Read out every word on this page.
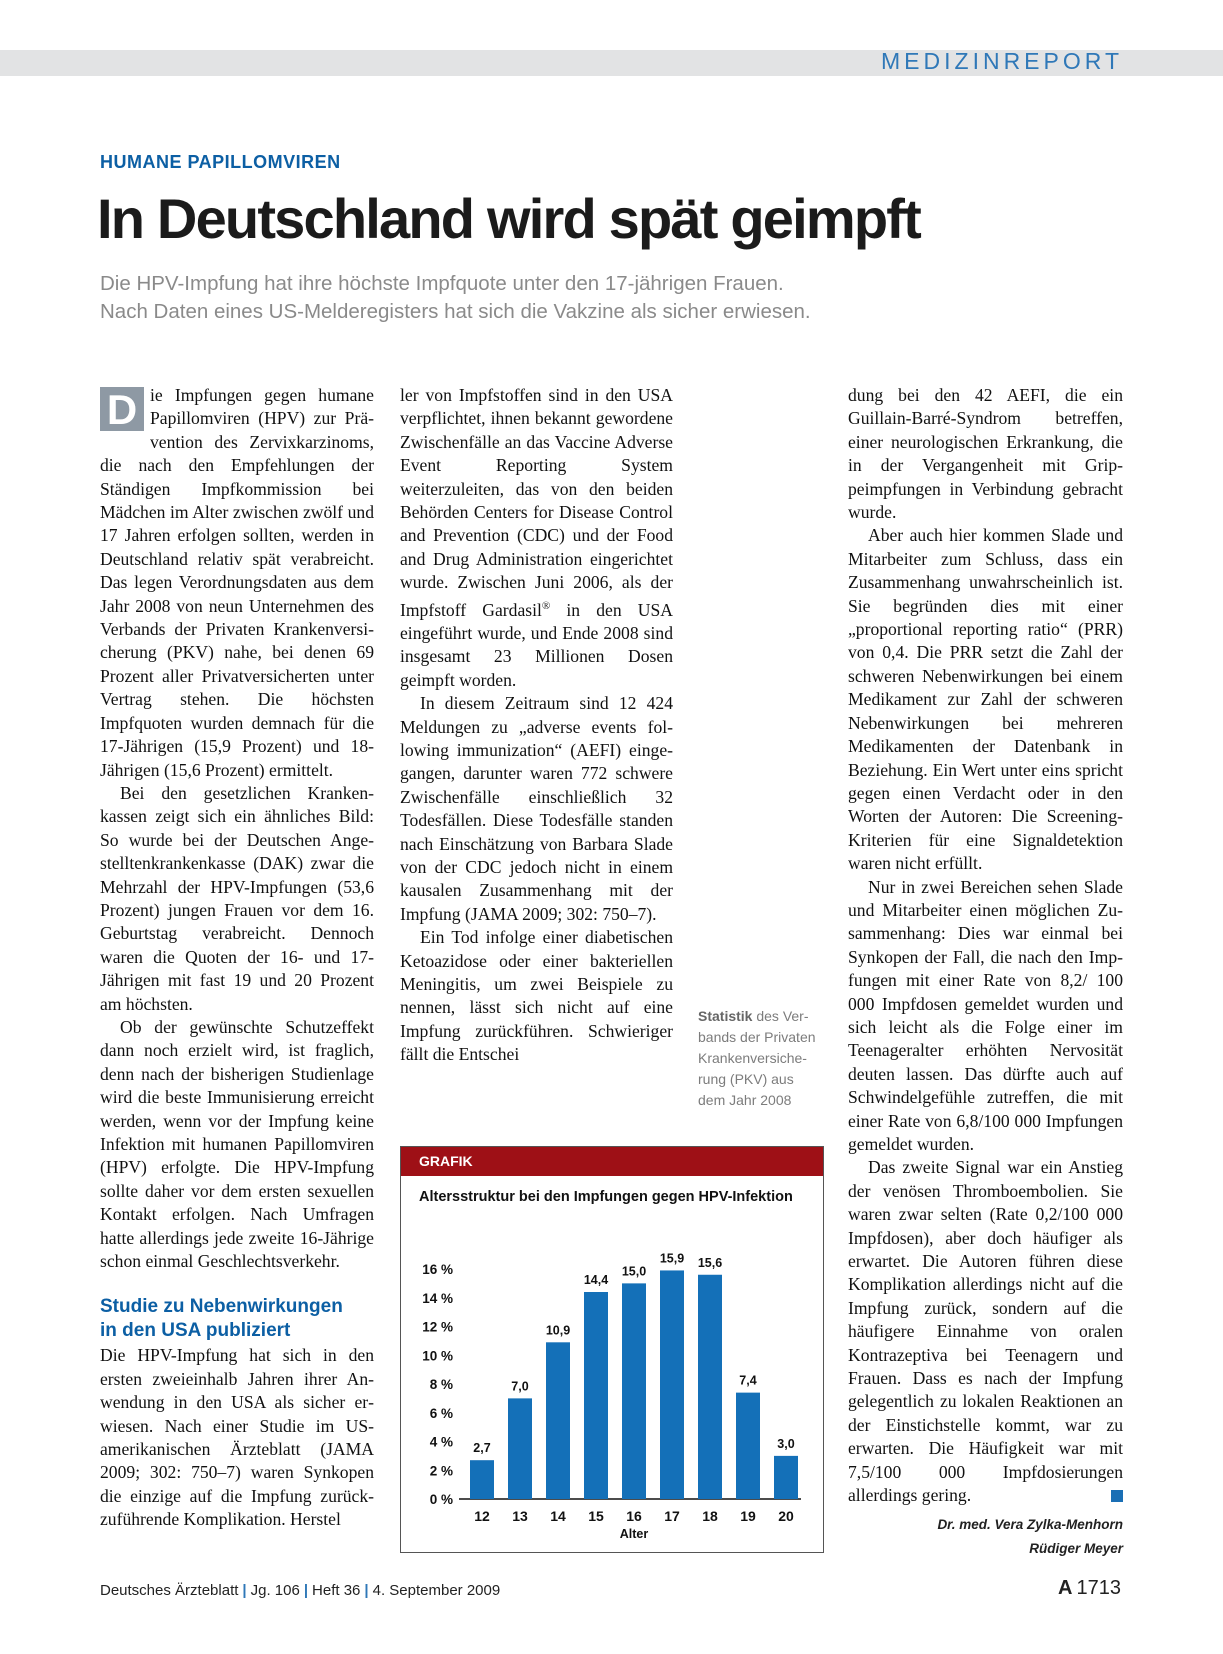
MEDIZINREPORT
HUMANE PAPILLOMVIREN
In Deutschland wird spät geimpft
Die HPV-Impfung hat ihre höchste Impfquote unter den 17-jährigen Frauen.
Nach Daten eines US-Melderegisters hat sich die Vakzine als sicher erwiesen.

D ie Impfungen gegen humane Papillomviren (HPV) zur Prävention des Zervixkarzinoms, die nach den Empfehlungen der Ständigen Impfkommission bei Mädchen im Alter zwischen zwölf und 17 Jahren erfolgen sollten, werden in Deutschland relativ spät verabreicht. Das legen Verordnungsdaten aus dem Jahr 2008 von neun Unternehmen des Verbands der Privaten Krankenversicherung (PKV) nahe, bei denen 69 Prozent aller Privatversicherten unter Vertrag stehen. Die höchsten Impfquoten wurden demnach für die 17-Jährigen (15,9 Prozent) und 18-Jährigen (15,6 Prozent) ermittelt.

Bei den gesetzlichen Krankenkassen zeigt sich ein ähnliches Bild: So wurde bei der Deutschen Angestelltenkrankenkasse (DAK) zwar die Mehrzahl der HPV-Impfungen (53,6 Prozent) jungen Frauen vor dem 16. Geburtstag verabreicht. Dennoch waren die Quoten der 16- und 17-Jährigen mit fast 19 und 20 Prozent am höchsten.

Ob der gewünschte Schutzeffekt dann noch erzielt wird, ist fraglich, denn nach der bisherigen Studienlage wird die beste Immunisierung erreicht werden, wenn vor der Impfung keine Infektion mit humanen Papillomviren (HPV) erfolgte. Die HPV-Impfung sollte daher vor dem ersten sexuellen Kontakt erfolgen. Nach Umfragen hatte allerdings jede zweite 16-Jährige schon einmal Geschlechtsverkehr.

Studie zu Nebenwirkungen
in den USA publiziert

Die HPV-Impfung hat sich in den ersten zweieinhalb Jahren ihrer Anwendung in den USA als sicher erwiesen. Nach einer Studie im US-amerikanischen Ärzteblatt (JAMA 2009; 302: 750–7) waren Synkopen die einzige auf die Impfung zurückzuführende Komplikation. Herstel

ler von Impfstoffen sind in den USA verpflichtet, ihnen bekannt gewordene Zwischenfälle an das Vaccine Adverse Event Reporting System weiterzuleiten, das von den beiden Behörden Centers for Disease Control and Prevention (CDC) und der Food and Drug Administration eingerichtet wurde. Zwischen Juni 2006, als der Impfstoff Gardasil® in den USA eingeführt wurde, und Ende 2008 sind insgesamt 23 Millionen Dosen geimpft worden.

In diesem Zeitraum sind 12 424 Meldungen zu „adverse events following immunization“ (AEFI) eingegangen, darunter waren 772 schwere Zwischenfälle einschließlich 32 Todesfällen. Diese Todesfälle standen nach Einschätzung von Barbara Slade von der CDC jedoch nicht in einem kausalen Zusammenhang mit der Impfung (JAMA 2009; 302: 750–7).

Ein Tod infolge einer diabetischen Ketoazidose oder einer bakteriellen Meningitis, um zwei Beispiele zu nennen, lässt sich nicht auf eine Impfung zurückführen. Schwieriger fällt die Entschei

Statistik des Verbands der Privaten Krankenversicherung (PKV) aus dem Jahr 2008
GRAFIK
Altersstruktur bei den Impfungen gegen HPV-Infektion
0 %
2 %
4 %
6 %
8 %
10 %
12 %
14 %
16 %
2,7
12
7,0
13
10,9
14
14,4
15
15,0
16
15,9
17
15,6
18
7,4
19
3,0
20
Alter

dung bei den 42 AEFI, die ein Guillain-Barré-Syndrom betreffen, einer neurologischen Erkrankung, die in der Vergangenheit mit Grippeimpfungen in Verbindung gebracht wurde.

Aber auch hier kommen Slade und Mitarbeiter zum Schluss, dass ein Zusammenhang unwahrscheinlich ist. Sie begründen dies mit einer „proportional reporting ratio“ (PRR) von 0,4. Die PRR setzt die Zahl der schweren Nebenwirkungen bei einem Medikament zur Zahl der schweren Nebenwirkungen bei mehreren Medikamenten der Datenbank in Beziehung. Ein Wert unter eins spricht gegen einen Verdacht oder in den Worten der Autoren: Die Screening-Kriterien für eine Signaldetektion waren nicht erfüllt.

Nur in zwei Bereichen sehen Slade und Mitarbeiter einen möglichen Zusammenhang: Dies war einmal bei Synkopen der Fall, die nach den Impfungen mit einer Rate von 8,2/ 100 000 Impfdosen gemeldet wurden und sich leicht als die Folge einer im Teenageralter erhöhten Nervosität deuten lassen. Das dürfte auch auf Schwindelgefühle zutreffen, die mit einer Rate von 6,8/100 000 Impfungen gemeldet wurden.

Das zweite Signal war ein Anstieg der venösen Thromboembolien. Sie waren zwar selten (Rate 0,2/100 000 Impfdosen), aber doch häufiger als erwartet. Die Autoren führen diese Komplikation allerdings nicht auf die Impfung zurück, sondern auf die häufigere Einnahme von oralen Kontrazeptiva bei Teenagern und Frauen. Dass es nach der Impfung gelegentlich zu lokalen Reaktionen an der Einstichstelle kommt, war zu erwarten. Die Häufigkeit war mit 7,5/100 000 Impfdosierungen allerdings gering.

Dr. med. Vera Zylka-Menhorn
Rüdiger Meyer
Deutsches Ärzteblatt | Jg. 106 | Heft 36 | 4. September 2009	A 1713
